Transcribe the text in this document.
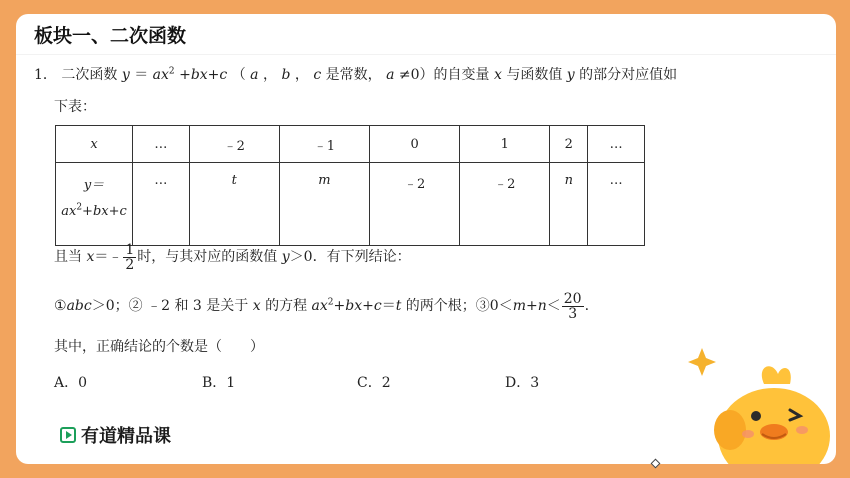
板块一、二次函数
1． 二次函数 $y = ax^2 +bx+c$ （ a ， b ， c 是常数， a ≠0）的自变量 x 与函数值 y 的部分对应值如
下表：
x	…	﹣2	﹣1	0	1	2	…
y＝
$ax^2+bx+c$	…	t	m	﹣2	﹣2	n	…
且当 x＝﹣ $\frac{1}{2}$ 时，与其对应的函数值 y＞0．有下列结论：
①abc＞0；② ﹣2 和 3 是关于 x 的方程 $ax^2+bx+c=t$ 的两个根；③0＜m+n＜ $\frac{20}{3}$ .
其中，正确结论的个数是（　　）
A．0	B．1	C．2	D．3
有道精品课
